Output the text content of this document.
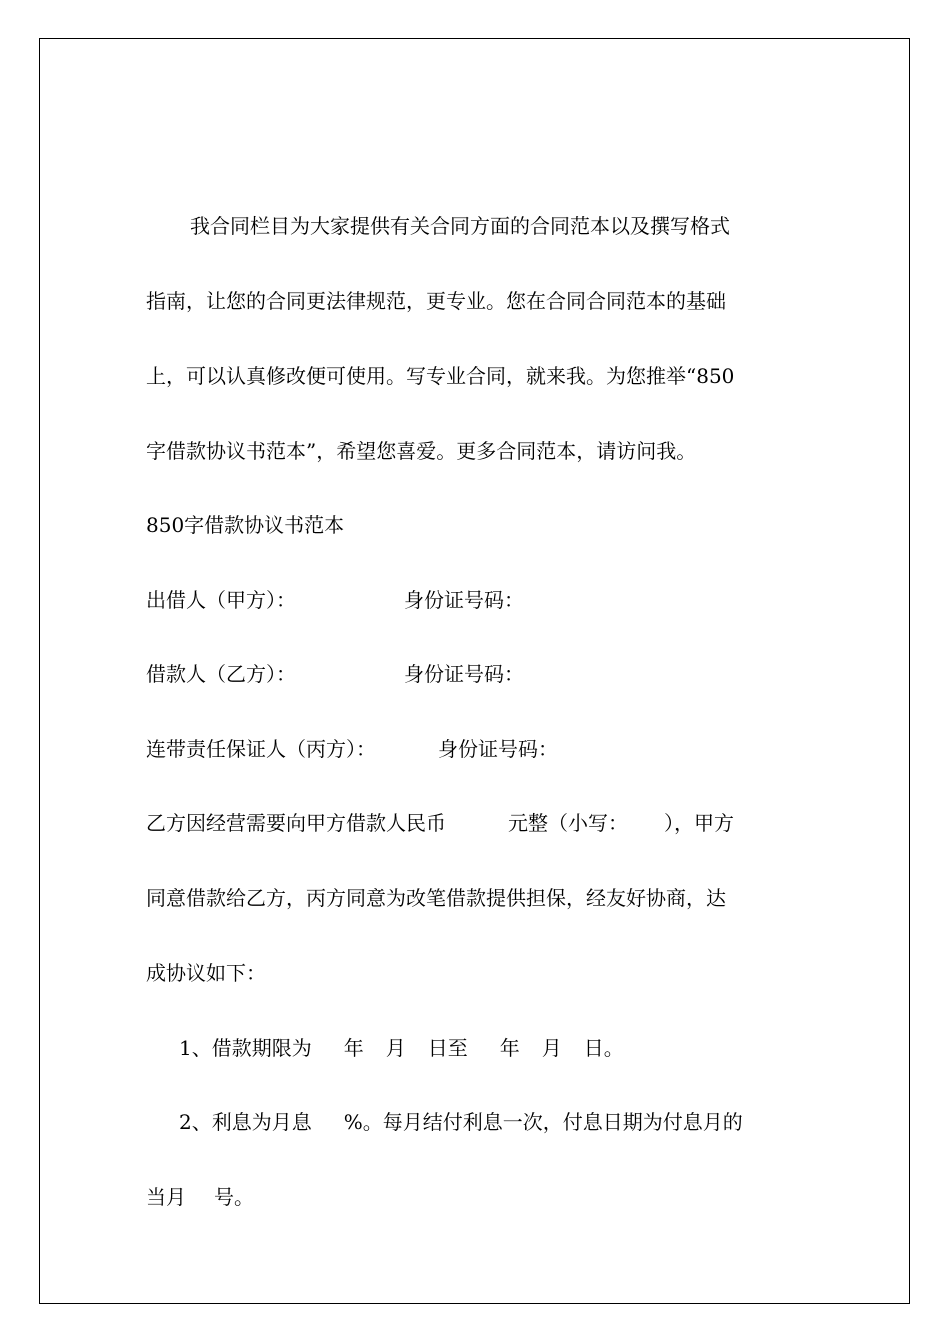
我合同栏目为大家提供有关合同方面的合同范本以及撰写格式
指南，让您的合同更法律规范，更专业。您在合同合同范本的基础
上，可以认真修改便可使用。写专业合同，就来我。为您推举“850
字借款协议书范本”，希望您喜爱。更多合同范本，请访问我。
850字借款协议书范本
出借人（甲方）：	身份证号码：
借款人（乙方）：	身份证号码：
连带责任保证人（丙方）：	身份证号码：
乙方因经营需要向甲方借款人民币	元整（小写： ），甲方
同意借款给乙方，丙方同意为改笔借款提供担保，经友好协商，达
成协议如下：
1、借款期限为 年 月 日至 年 月 日。
2、利息为月息 %。每月结付利息一次，付息日期为付息月的
当月 号。
